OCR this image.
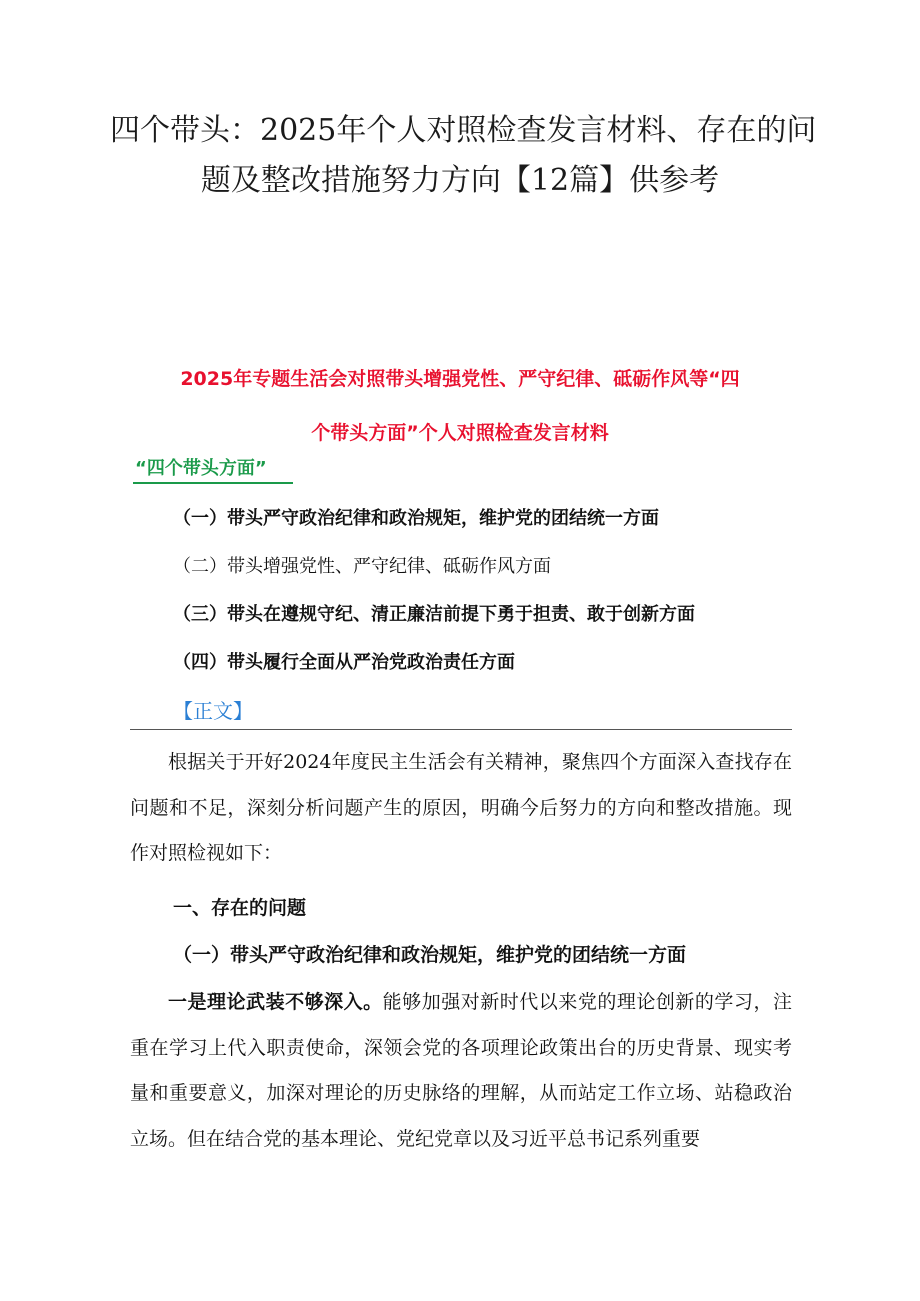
四个带头：2025年个人对照检查发言材料、存在的问
题及整改措施努力方向【12篇】供参考
2025年专题生活会对照带头增强党性、严守纪律、砥砺作风等“四
个带头方面”个人对照检查发言材料
“四个带头方面”
（一）带头严守政治纪律和政治规矩，维护党的团结统一方面
（二）带头增强党性、严守纪律、砥砺作风方面
（三）带头在遵规守纪、清正廉洁前提下勇于担责、敢于创新方面
（四）带头履行全面从严治党政治责任方面
【正文】

根据关于开好2024年度民主生活会有关精神，聚焦四个方面深入查找存在问题和不足，深刻分析问题产生的原因，明确今后努力的方向和整改措施。现作对照检视如下：

一、存在的问题
（一）带头严守政治纪律和政治规矩，维护党的团结统一方面

一是理论武装不够深入。能够加强对新时代以来党的理论创新的学习，注重在学习上代入职责使命，深领会党的各项理论政策出台的历史背景、现实考量和重要意义，加深对理论的历史脉络的理解，从而站定工作立场、站稳政治立场。但在结合党的基本理论、党纪党章以及习近平总书记系列重要
